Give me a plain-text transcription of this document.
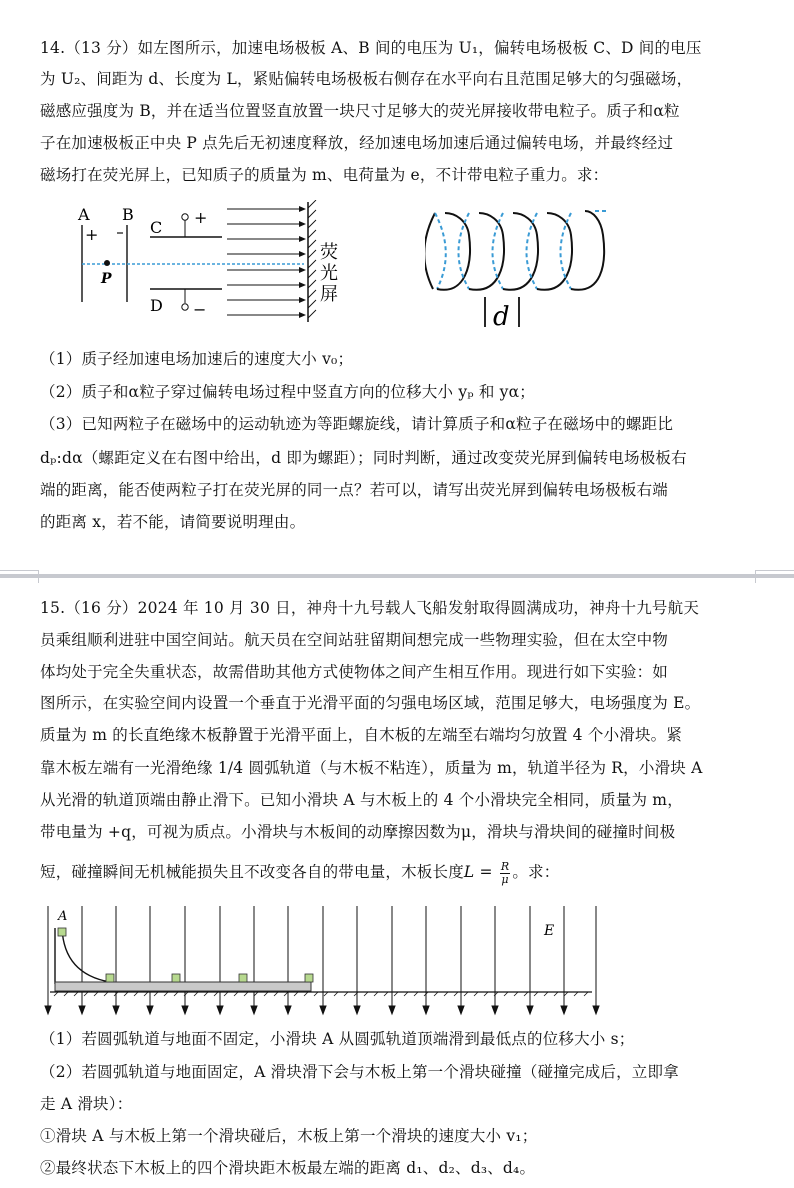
14.（13 分）如左图所示，加速电场极板 A、B 间的电压为 U₁，偏转电场极板 C、D 间的电压
为 U₂、间距为 d、长度为 L，紧贴偏转电场极板右侧存在水平向右且范围足够大的匀强磁场，
磁感应强度为 B，并在适当位置竖直放置一块尺寸足够大的荧光屏接收带电粒子。质子和α粒
子在加速极板正中央 P 点先后无初速度释放，经加速电场加速后通过偏转电场，并最终经过
磁场打在荧光屏上，已知质子的质量为 m、电荷量为 e，不计带电粒子重力。求：
A B
+	C
+
D −
P
荧
光
屏
d
（1）质子经加速电场加速后的速度大小 v₀；
（2）质子和α粒子穿过偏转电场过程中竖直方向的位移大小 yₚ 和 yα；
（3）已知两粒子在磁场中的运动轨迹为等距螺旋线，请计算质子和α粒子在磁场中的螺距比
dₚ:dα（螺距定义在右图中给出，d 即为螺距）；同时判断，通过改变荧光屏到偏转电场极板右
端的距离，能否使两粒子打在荧光屏的同一点？若可以，请写出荧光屏到偏转电场极板右端
的距离 x，若不能，请简要说明理由。
15.（16 分）2024 年 10 月 30 日，神舟十九号载人飞船发射取得圆满成功，神舟十九号航天
员乘组顺利进驻中国空间站。航天员在空间站驻留期间想完成一些物理实验，但在太空中物
体均处于完全失重状态，故需借助其他方式使物体之间产生相互作用。现进行如下实验：如
图所示，在实验空间内设置一个垂直于光滑平面的匀强电场区域，范围足够大，电场强度为 E。
质量为 m 的长直绝缘木板静置于光滑平面上，自木板的左端至右端均匀放置 4 个小滑块。紧
靠木板左端有一光滑绝缘 1/4 圆弧轨道（与木板不粘连），质量为 m，轨道半径为 R，小滑块 A
从光滑的轨道顶端由静止滑下。已知小滑块 A 与木板上的 4 个小滑块完全相同，质量为 m，
带电量为 +q，可视为质点。小滑块与木板间的动摩擦因数为μ，滑块与滑块间的碰撞时间极
短，碰撞瞬间无机械能损失且不改变各自的带电量，木板长度$L = \frac{R}{\mu}$ 。求：
A
E
（1）若圆弧轨道与地面不固定，小滑块 A 从圆弧轨道顶端滑到最低点的位移大小 s；
（2）若圆弧轨道与地面固定，A 滑块滑下会与木板上第一个滑块碰撞（碰撞完成后，立即拿
走 A 滑块）：
①滑块 A 与木板上第一个滑块碰后，木板上第一个滑块的速度大小 v₁；
②最终状态下木板上的四个滑块距木板最左端的距离 d₁、d₂、d₃、d₄。
